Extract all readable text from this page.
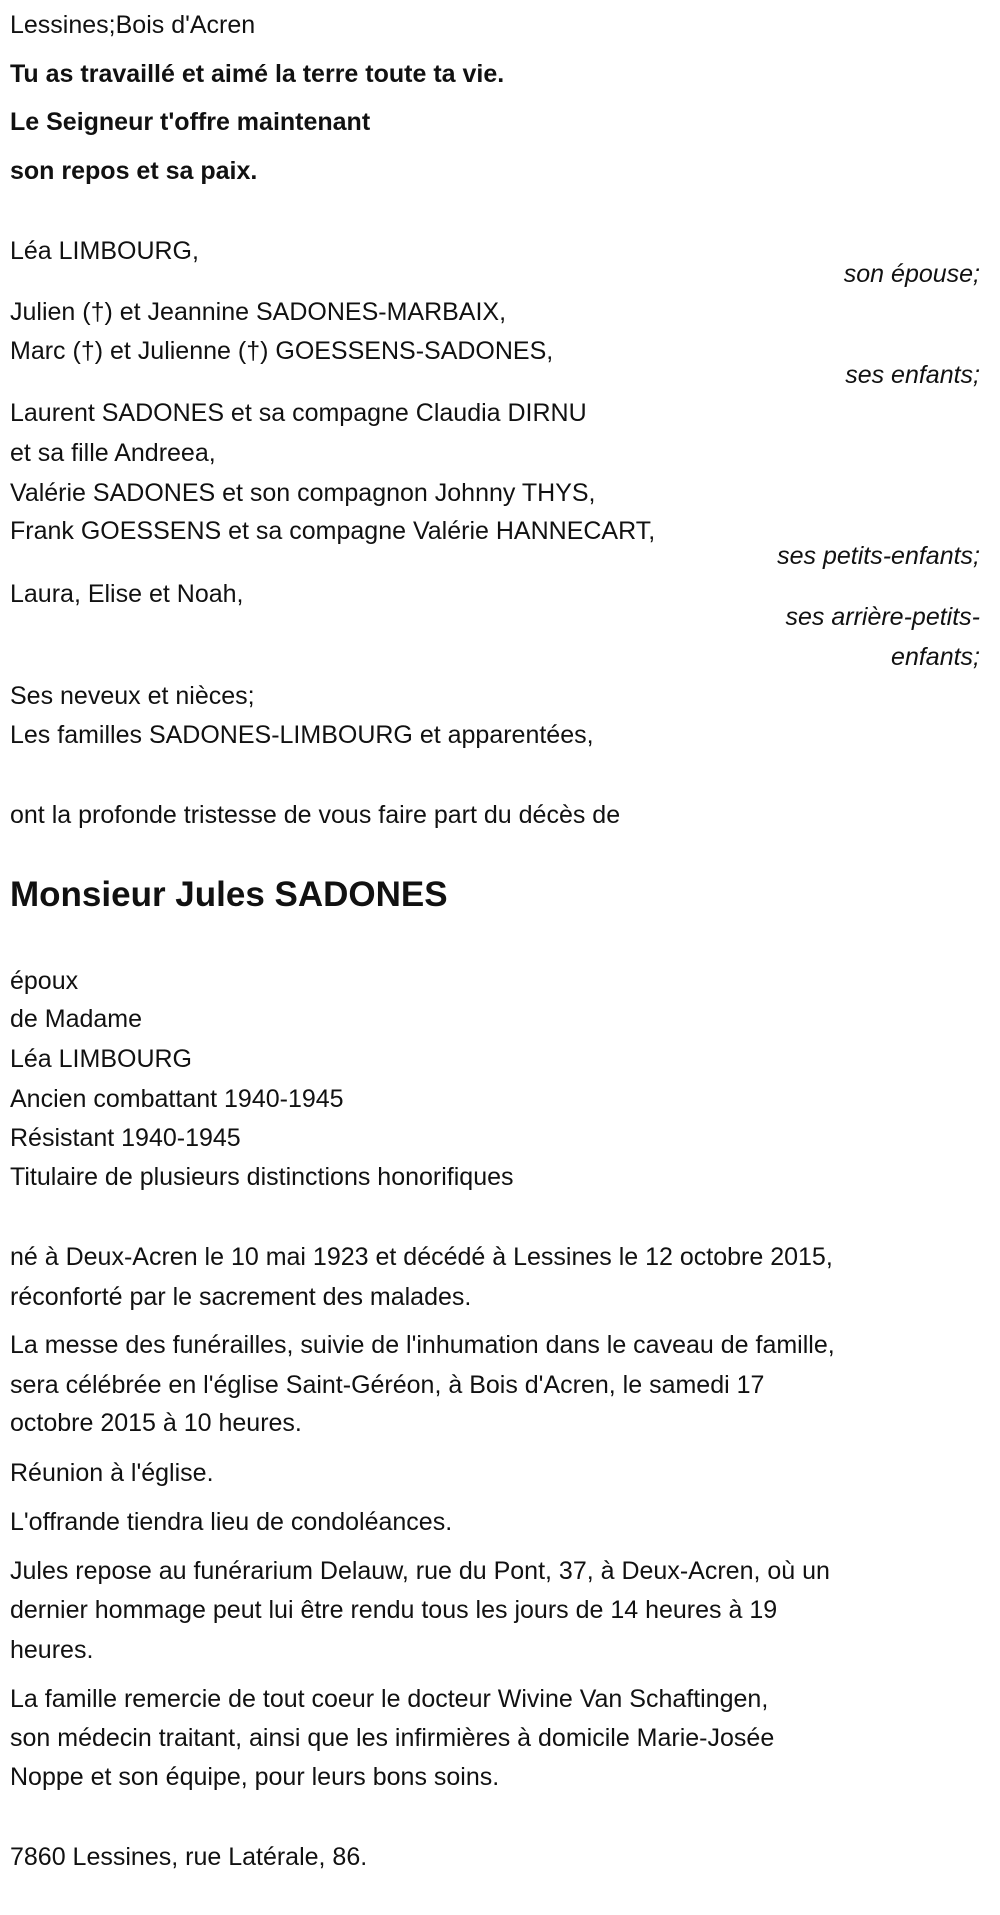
Lessines;Bois d'Acren
Tu as travaillé et aimé la terre toute ta vie.
Le Seigneur t'offre maintenant
son repos et sa paix.
Léa LIMBOURG,
son épouse;
Julien (†) et Jeannine SADONES-MARBAIX,
Marc (†) et Julienne (†) GOESSENS-SADONES,
ses enfants;
Laurent SADONES et sa compagne Claudia DIRNU
et sa fille Andreea,
Valérie SADONES et son compagnon Johnny THYS,
Frank GOESSENS et sa compagne Valérie HANNECART,
ses petits-enfants;
Laura, Elise et Noah,
ses arrière-petits-
enfants;
Ses neveux et nièces;
Les familles SADONES-LIMBOURG et apparentées,
ont la profonde tristesse de vous faire part du décès de
Monsieur Jules SADONES
époux
de Madame
Léa LIMBOURG
Ancien combattant 1940-1945
Résistant 1940-1945
Titulaire de plusieurs distinctions honorifiques
né à Deux-Acren le 10 mai 1923 et décédé à Lessines le 12 octobre 2015,
réconforté par le sacrement des malades.
La messe des funérailles, suivie de l'inhumation dans le caveau de famille,
sera célébrée en l'église Saint-Géréon, à Bois d'Acren, le samedi 17
octobre 2015 à 10 heures.
Réunion à l'église.
L'offrande tiendra lieu de condoléances.
Jules repose au funérarium Delauw, rue du Pont, 37, à Deux-Acren, où un
dernier hommage peut lui être rendu tous les jours de 14 heures à 19
heures.
La famille remercie de tout coeur le docteur Wivine Van Schaftingen,
son médecin traitant, ainsi que les infirmières à domicile Marie-Josée
Noppe et son équipe, pour leurs bons soins.
7860 Lessines, rue Latérale, 86.
